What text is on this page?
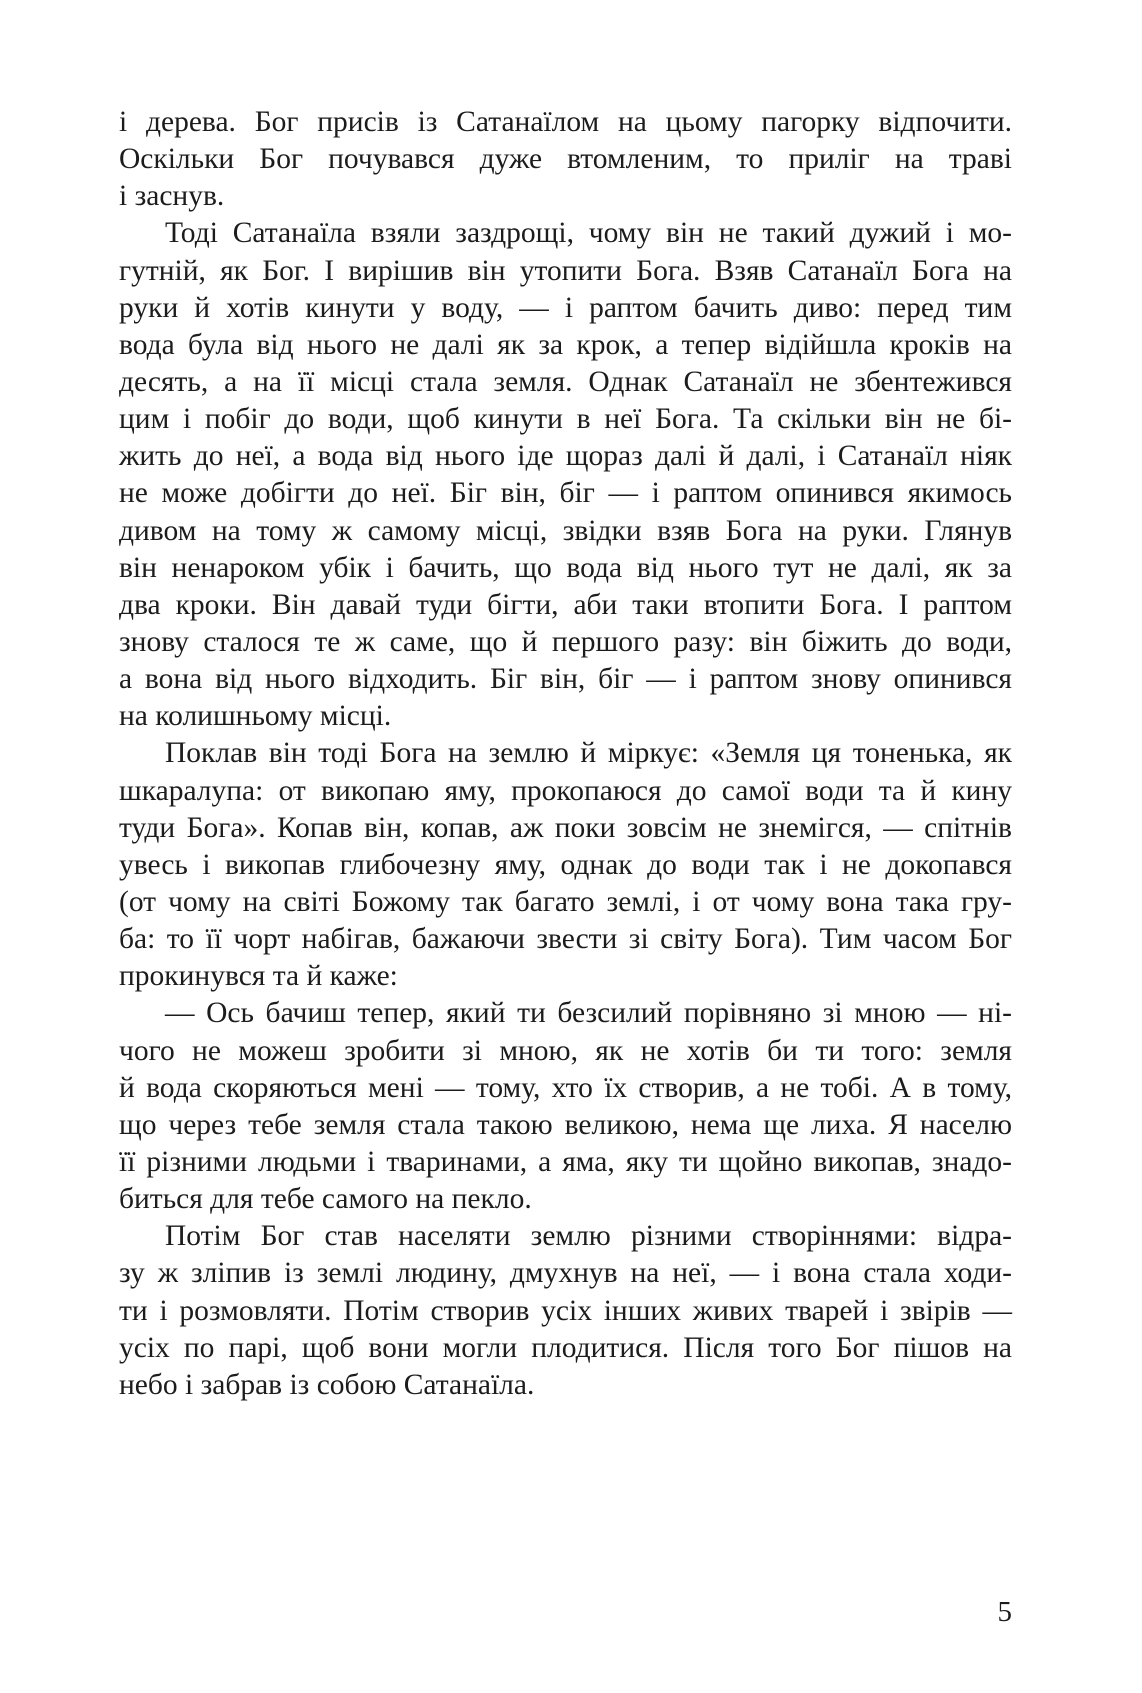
і дерева. Бог присів із Сатанаїлом на цьому пагорку відпочити.
Оскільки Бог почувався дуже втомленим, то приліг на траві
і заснув.
Тоді Сатанаїла взяли заздрощі, чому він не такий дужий і мо-
гутній, як Бог. І вирішив він утопити Бога. Взяв Сатанаїл Бога на
руки й хотів кинути у воду, — і раптом бачить диво: перед тим
вода була від нього не далі як за крок, а тепер відійшла кроків на
десять, а на її місці стала земля. Однак Сатанаїл не збентежився
цим і побіг до води, щоб кинути в неї Бога. Та скільки він не бі-
жить до неї, а вода від нього іде щораз далі й далі, і Сатанаїл ніяк
не може добігти до неї. Біг він, біг — і раптом опинився якимось
дивом на тому ж самому місці, звідки взяв Бога на руки. Глянув
він ненароком убік і бачить, що вода від нього тут не далі, як за
два кроки. Він давай туди бігти, аби таки втопити Бога. І раптом
знову сталося те ж саме, що й першого разу: він біжить до води,
а вона від нього відходить. Біг він, біг — і раптом знову опинився
на колишньому місці.
Поклав він тоді Бога на землю й міркує: «Земля ця тоненька, як
шкаралупа: от викопаю яму, прокопаюся до самої води та й кину
туди Бога». Копав він, копав, аж поки зовсім не знемігся, — спітнів
увесь і викопав глибочезну яму, однак до води так і не докопався
(от чому на світі Божому так багато землі, і от чому вона така гру-
ба: то її чорт набігав, бажаючи звести зі світу Бога). Тим часом Бог
прокинувся та й каже:
— Ось бачиш тепер, який ти безсилий порівняно зі мною — ні-
чого не можеш зробити зі мною, як не хотів би ти того: земля
й вода скоряються мені — тому, хто їх створив, а не тобі. А в тому,
що через тебе земля стала такою великою, нема ще лиха. Я населю
її різними людьми і тваринами, а яма, яку ти щойно викопав, знадо-
биться для тебе самого на пекло.
Потім Бог став населяти землю різними створіннями: відра-
зу ж зліпив із землі людину, дмухнув на неї, — і вона стала ходи-
ти і розмовляти. Потім створив усіх інших живих тварей і звірів —
усіх по парі, щоб вони могли плодитися. Після того Бог пішов на
небо і забрав із собою Сатанаїла.
5
